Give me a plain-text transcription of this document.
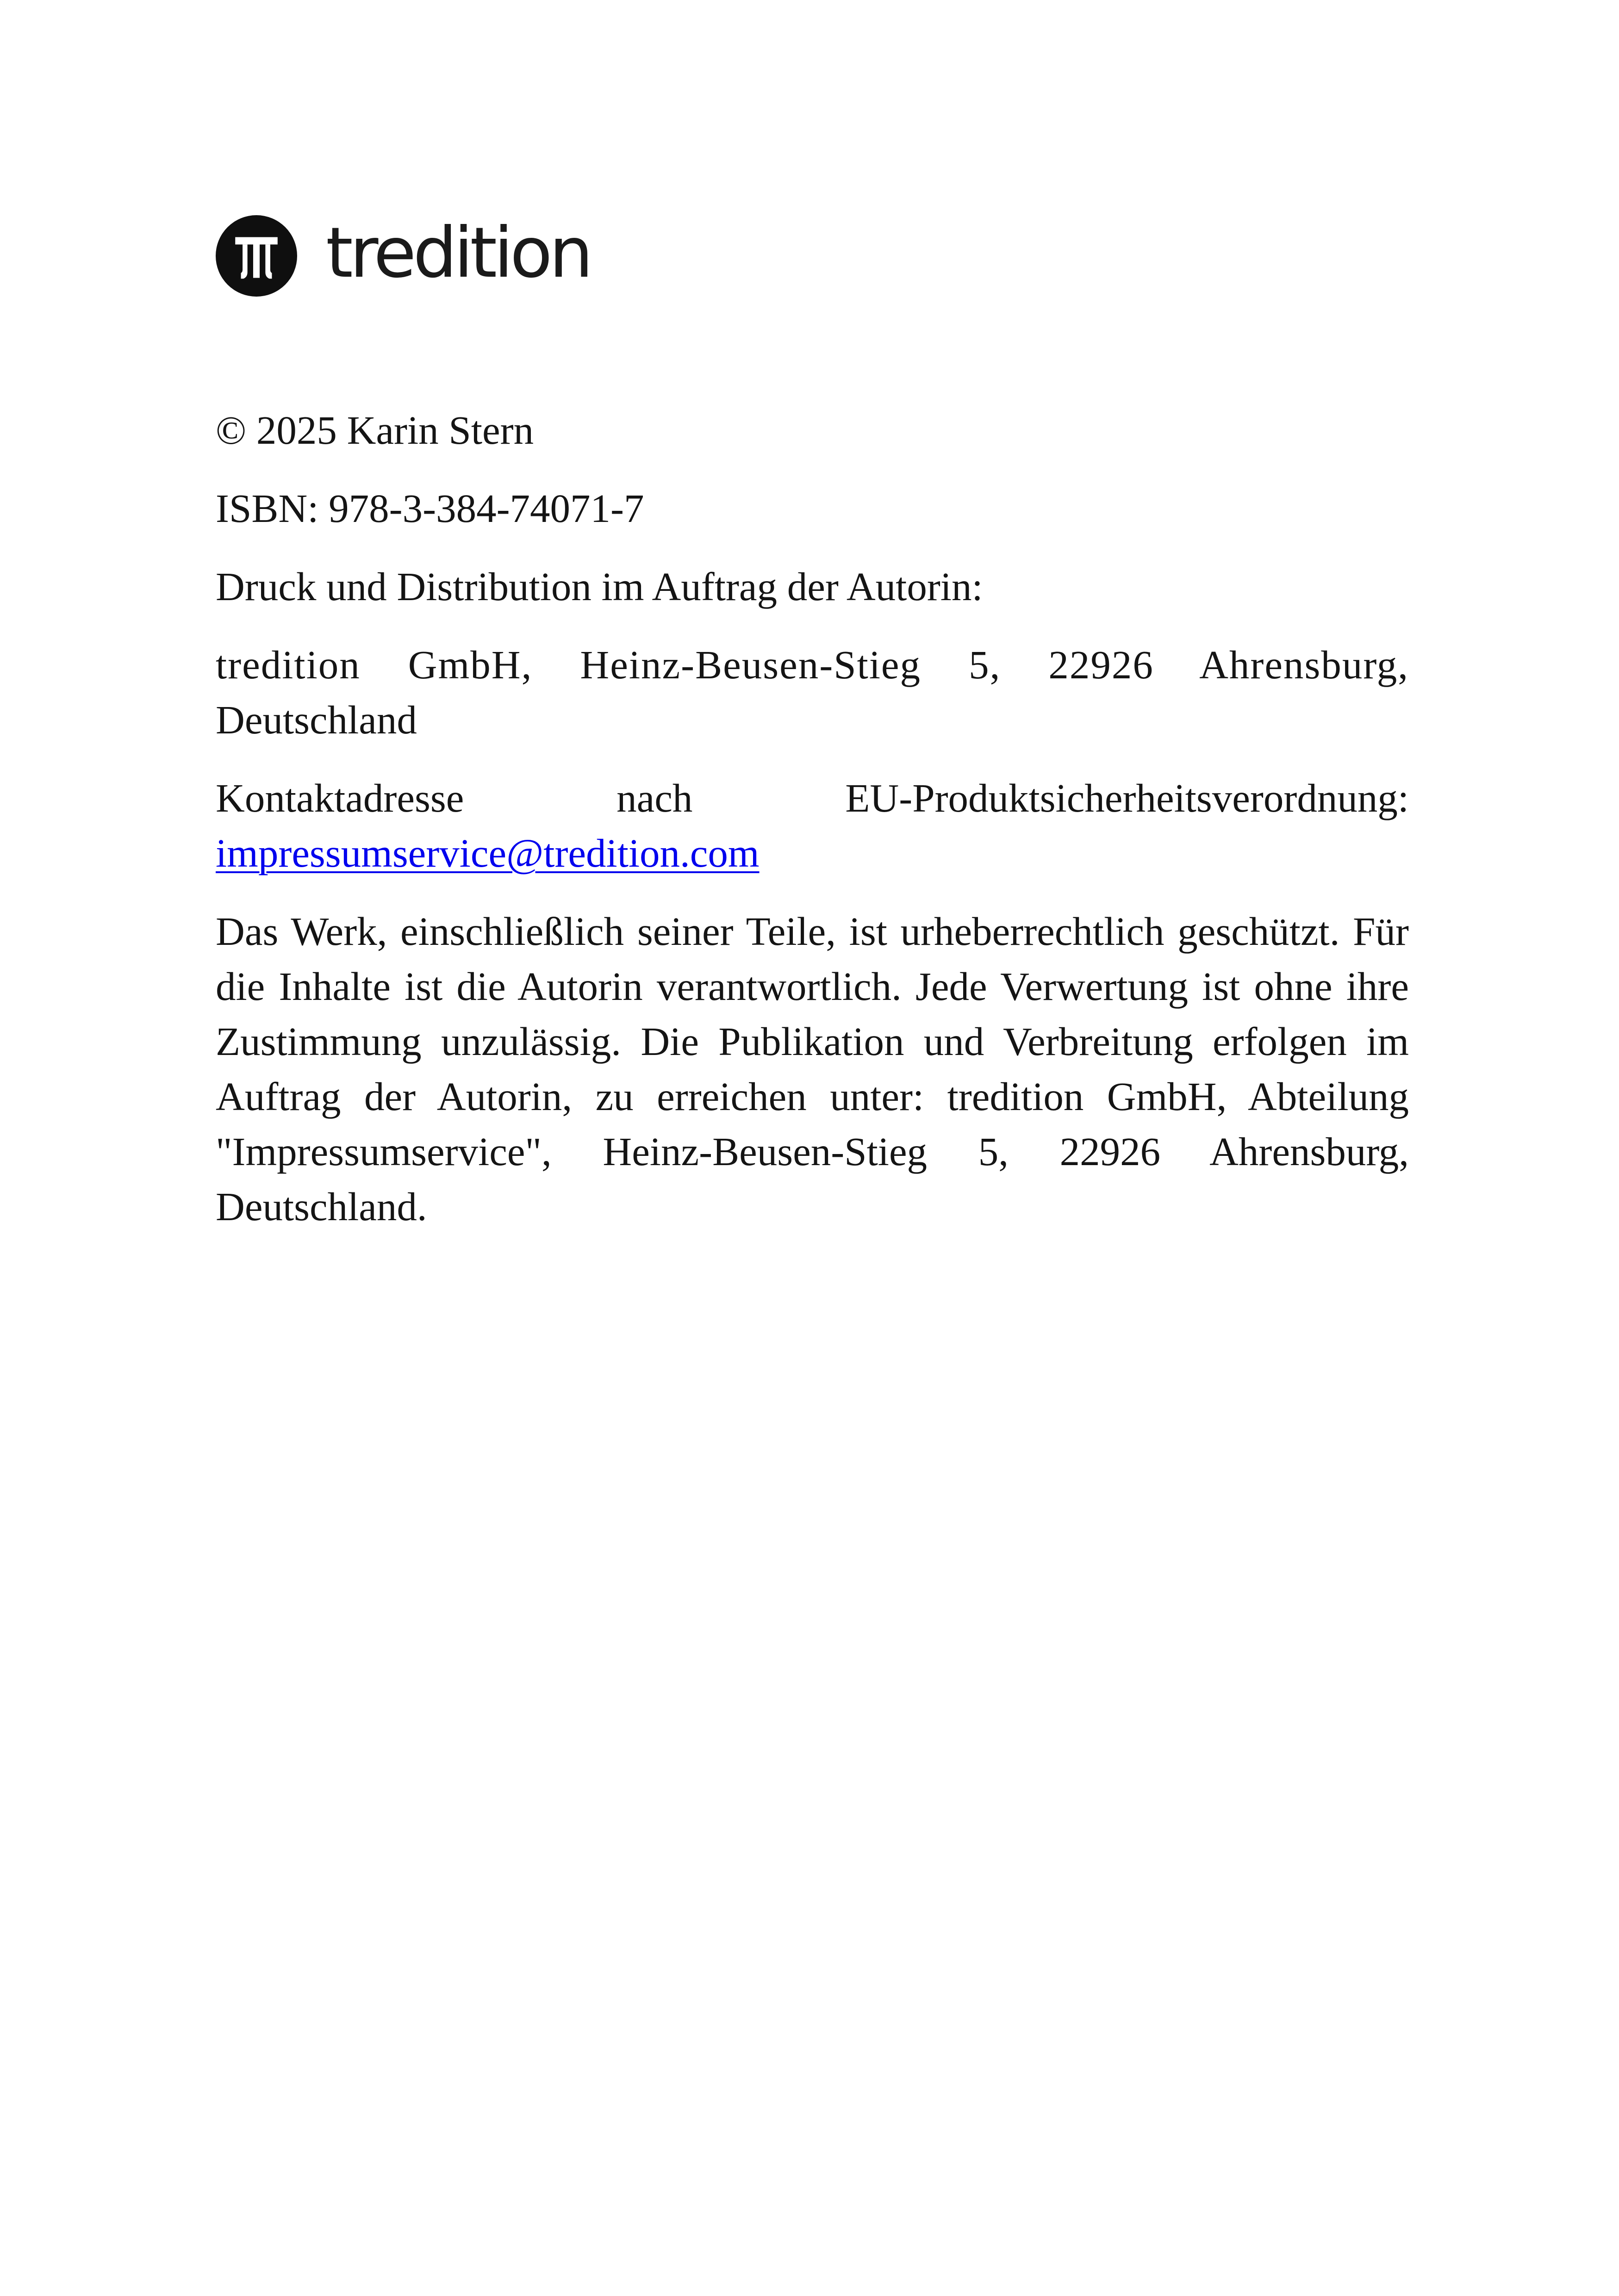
tredition

© 2025 Karin Stern

ISBN: 978-3-384-74071-7

Druck und Distribution im Auftrag der Autorin:

tredition GmbH, Heinz-Beusen-Stieg 5, 22926 Ahrensburg,
Deutschland

Kontaktadresse	nach	EU-Produktsicherheitsverordnung:
impressumservice@tredition.com

Das Werk, einschließlich seiner Teile, ist urheberrechtlich geschützt. Für die Inhalte ist die Autorin verantwortlich. Jede Verwertung ist ohne ihre Zustimmung unzulässig. Die Publikation und Verbreitung erfolgen im Auftrag der Autorin, zu erreichen unter: tredition GmbH, Abteilung "Impressumservice", Heinz-Beusen-Stieg 5, 22926 Ahrensburg, Deutschland.
